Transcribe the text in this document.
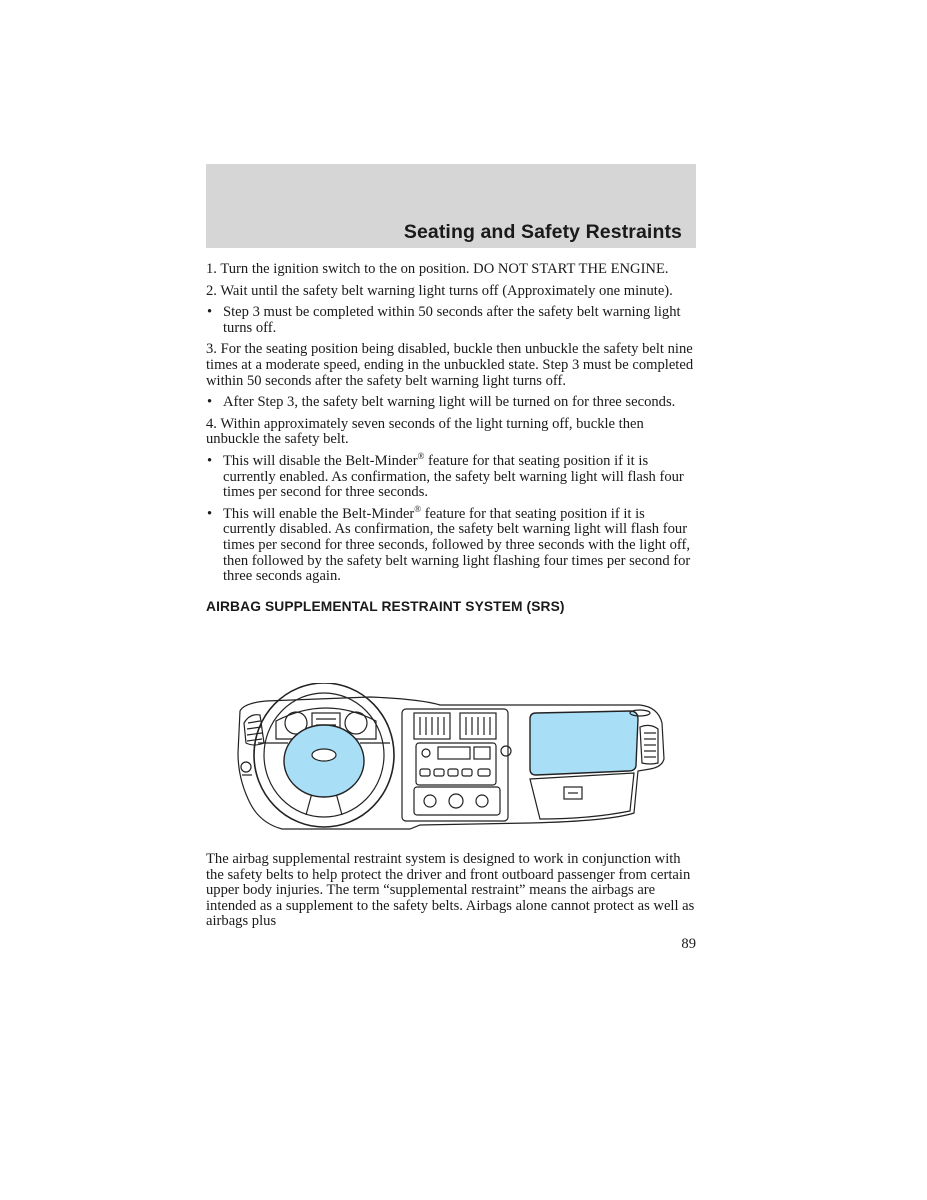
Seating and Safety Restraints

1. Turn the ignition switch to the on position. DO NOT START THE ENGINE.

2. Wait until the safety belt warning light turns off (Approximately one minute).

• Step 3 must be completed within 50 seconds after the safety belt warning light turns off.

3. For the seating position being disabled, buckle then unbuckle the safety belt nine times at a moderate speed, ending in the unbuckled state. Step 3 must be completed within 50 seconds after the safety belt warning light turns off.

• After Step 3, the safety belt warning light will be turned on for three seconds.

4. Within approximately seven seconds of the light turning off, buckle then unbuckle the safety belt.

• This will disable the Belt-Minder® feature for that seating position if it is currently enabled. As confirmation, the safety belt warning light will flash four times per second for three seconds.
• This will enable the Belt-Minder® feature for that seating position if it is currently disabled. As confirmation, the safety belt warning light will flash four times per second for three seconds, followed by three seconds with the light off, then followed by the safety belt warning light flashing four times per second for three seconds again.
AIRBAG SUPPLEMENTAL RESTRAINT SYSTEM (SRS)

The airbag supplemental restraint system is designed to work in conjunction with the safety belts to help protect the driver and front outboard passenger from certain upper body injuries. The term “supplemental restraint” means the airbags are intended as a supplement to the safety belts. Airbags alone cannot protect as well as airbags plus

89
